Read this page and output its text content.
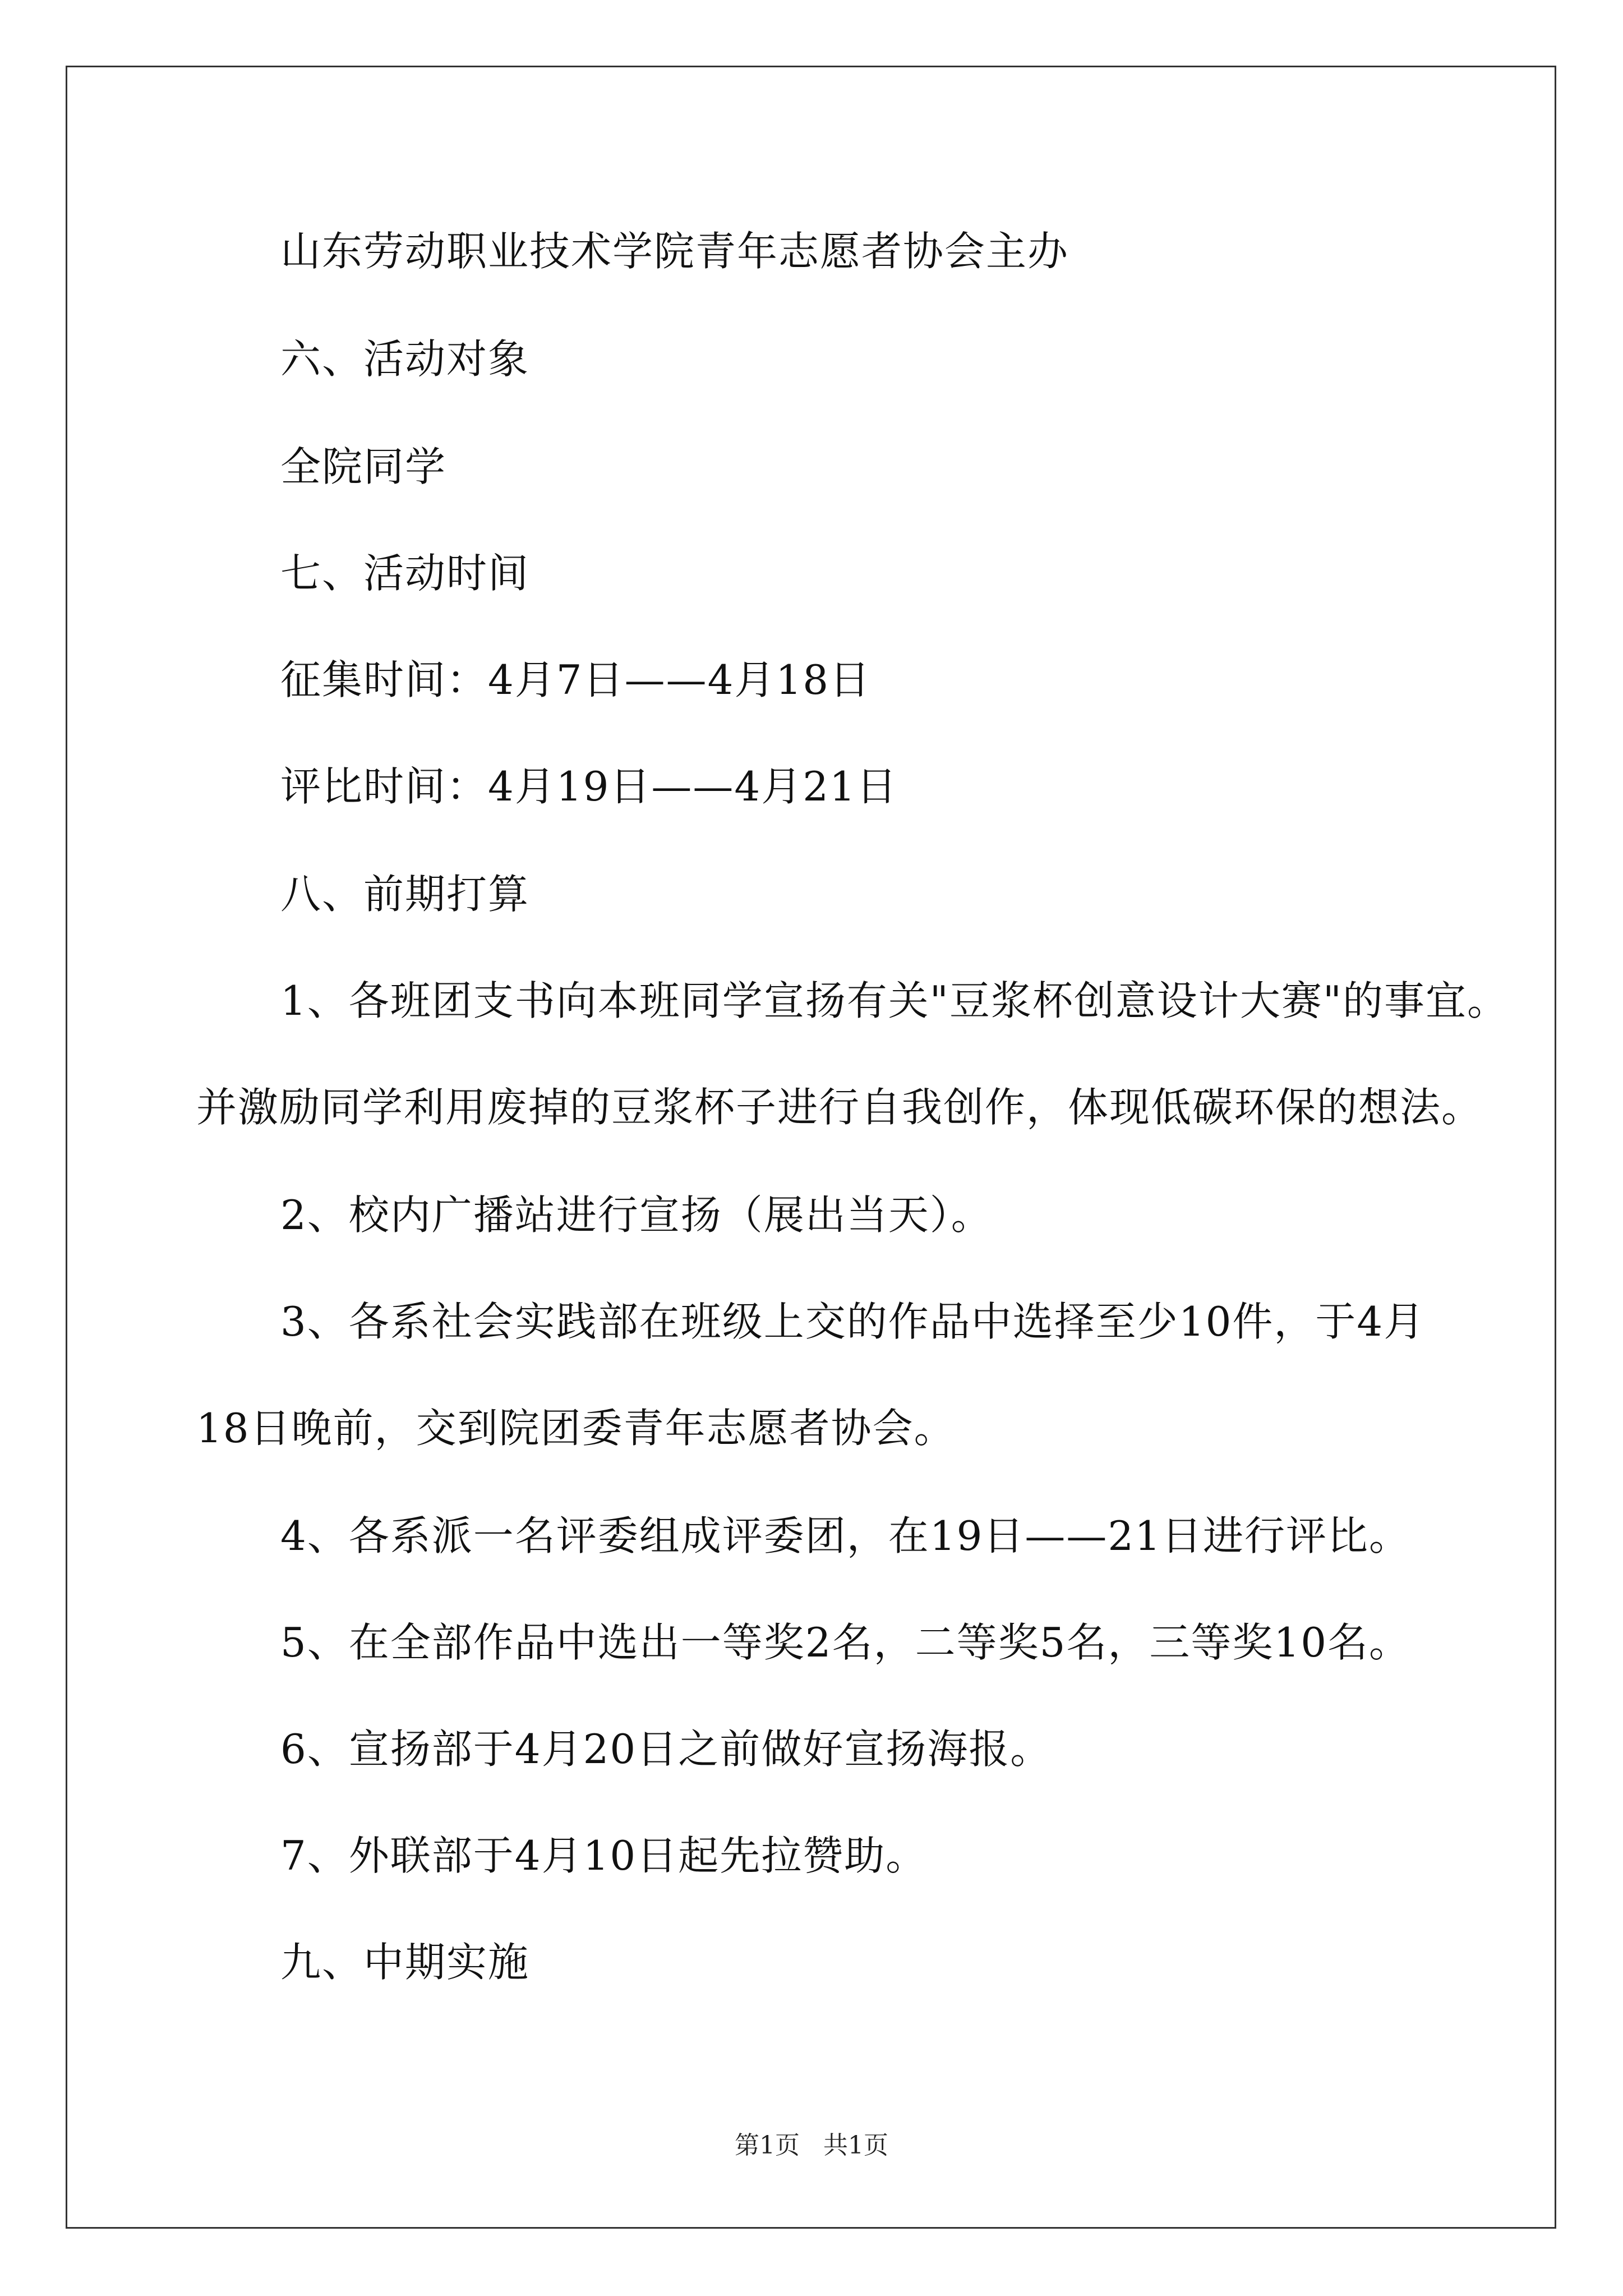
山东劳动职业技术学院青年志愿者协会主办
六、活动对象
全院同学
七、活动时间
征集时间：4月7日——4月18日
评比时间：4月19日——4月21日
八、前期打算
1、各班团支书向本班同学宣扬有关"豆浆杯创意设计大赛"的事宜。
并激励同学利用废掉的豆浆杯子进行自我创作，体现低碳环保的想法。
2、校内广播站进行宣扬（展出当天）。
3、各系社会实践部在班级上交的作品中选择至少10件，于4月
18日晚前，交到院团委青年志愿者协会。
4、各系派一名评委组成评委团，在19日——21日进行评比。
5、在全部作品中选出一等奖2名，二等奖5名，三等奖10名。
6、宣扬部于4月20日之前做好宣扬海报。
7、外联部于4月10日起先拉赞助。
九、中期实施
第1页   共1页
